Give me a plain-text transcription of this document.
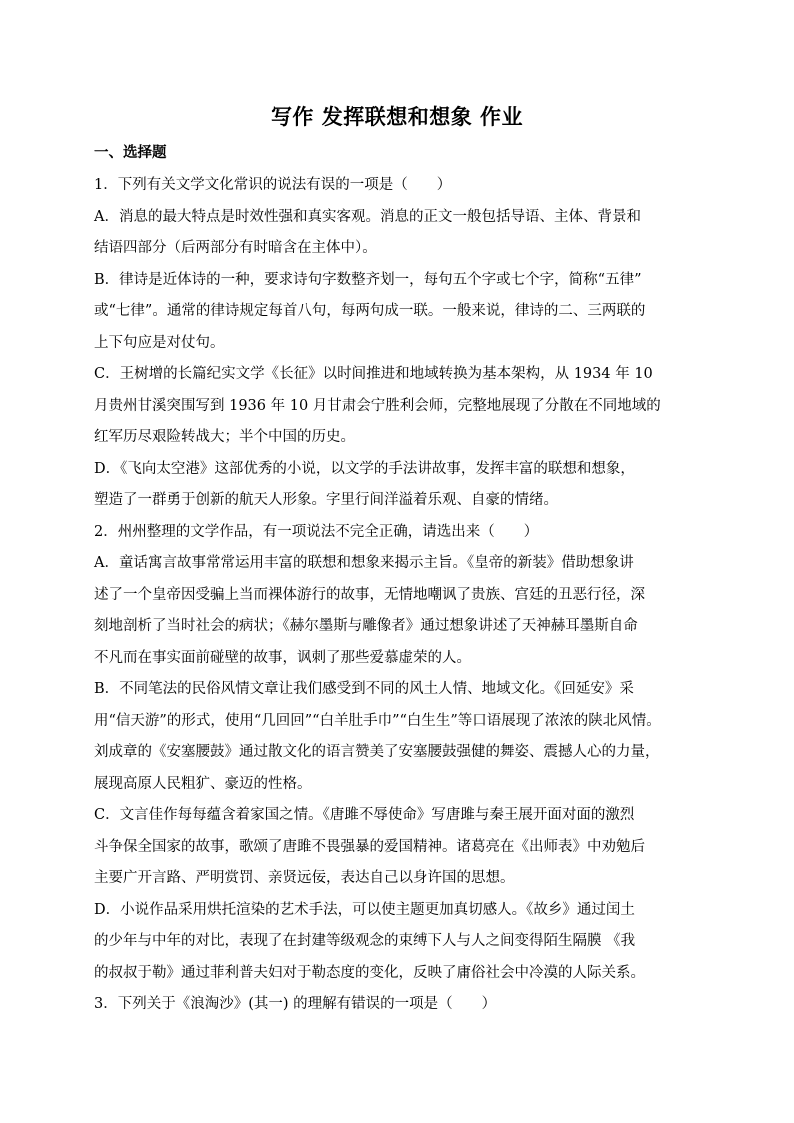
写作 发挥联想和想象 作业
一、选择题
1．下列有关文学文化常识的说法有误的一项是（　　）
A．消息的最大特点是时效性强和真实客观。消息的正文一般包括导语、主体、背景和
结语四部分（后两部分有时暗含在主体中）。
B．律诗是近体诗的一种，要求诗句字数整齐划一，每句五个字或七个字，简称“五律”
或“七律”。通常的律诗规定每首八句，每两句成一联。一般来说，律诗的二、三两联的
上下句应是对仗句。
C．王树增的长篇纪实文学《长征》以时间推进和地域转换为基本架构，从 1934 年 10
月贵州甘溪突围写到 1936 年 10 月甘肃会宁胜利会师，完整地展现了分散在不同地域的
红军历尽艰险转战大；半个中国的历史。
D．《飞向太空港》这部优秀的小说，以文学的手法讲故事，发挥丰富的联想和想象，
塑造了一群勇于创新的航天人形象。字里行间洋溢着乐观、自豪的情绪。
2．州州整理的文学作品，有一项说法不完全正确，请选出来（　　）
A．童话寓言故事常常运用丰富的联想和想象来揭示主旨。《皇帝的新装》借助想象讲
述了一个皇帝因受骗上当而裸体游行的故事，无情地嘲讽了贵族、宫廷的丑恶行径，深
刻地剖析了当时社会的病状；《赫尔墨斯与雕像者》通过想象讲述了天神赫耳墨斯自命
不凡而在事实面前碰壁的故事，讽刺了那些爱慕虚荣的人。
B．不同笔法的民俗风情文章让我们感受到不同的风土人情、地域文化。《回延安》采
用“信天游”的形式，使用“几回回”“白羊肚手巾”“白生生”等口语展现了浓浓的陕北风情。
刘成章的《安塞腰鼓》通过散文化的语言赞美了安塞腰鼓强健的舞姿、震撼人心的力量，
展现高原人民粗犷、豪迈的性格。
C．文言佳作每每蕴含着家国之情。《唐雎不辱使命》写唐雎与秦王展开面对面的激烈
斗争保全国家的故事，歌颂了唐雎不畏强暴的爱国精神。诸葛亮在《出师表》中劝勉后
主要广开言路、严明赏罚、亲贤远佞，表达自己以身许国的思想。
D．小说作品采用烘托渲染的艺术手法，可以使主题更加真切感人。《故乡》通过闰土
的少年与中年的对比，表现了在封建等级观念的束缚下人与人之间变得陌生隔膜 《我
的叔叔于勒》通过菲利普夫妇对于勒态度的变化，反映了庸俗社会中冷漠的人际关系。
3．下列关于《浪淘沙》(其一) 的理解有错误的一项是（　　）
